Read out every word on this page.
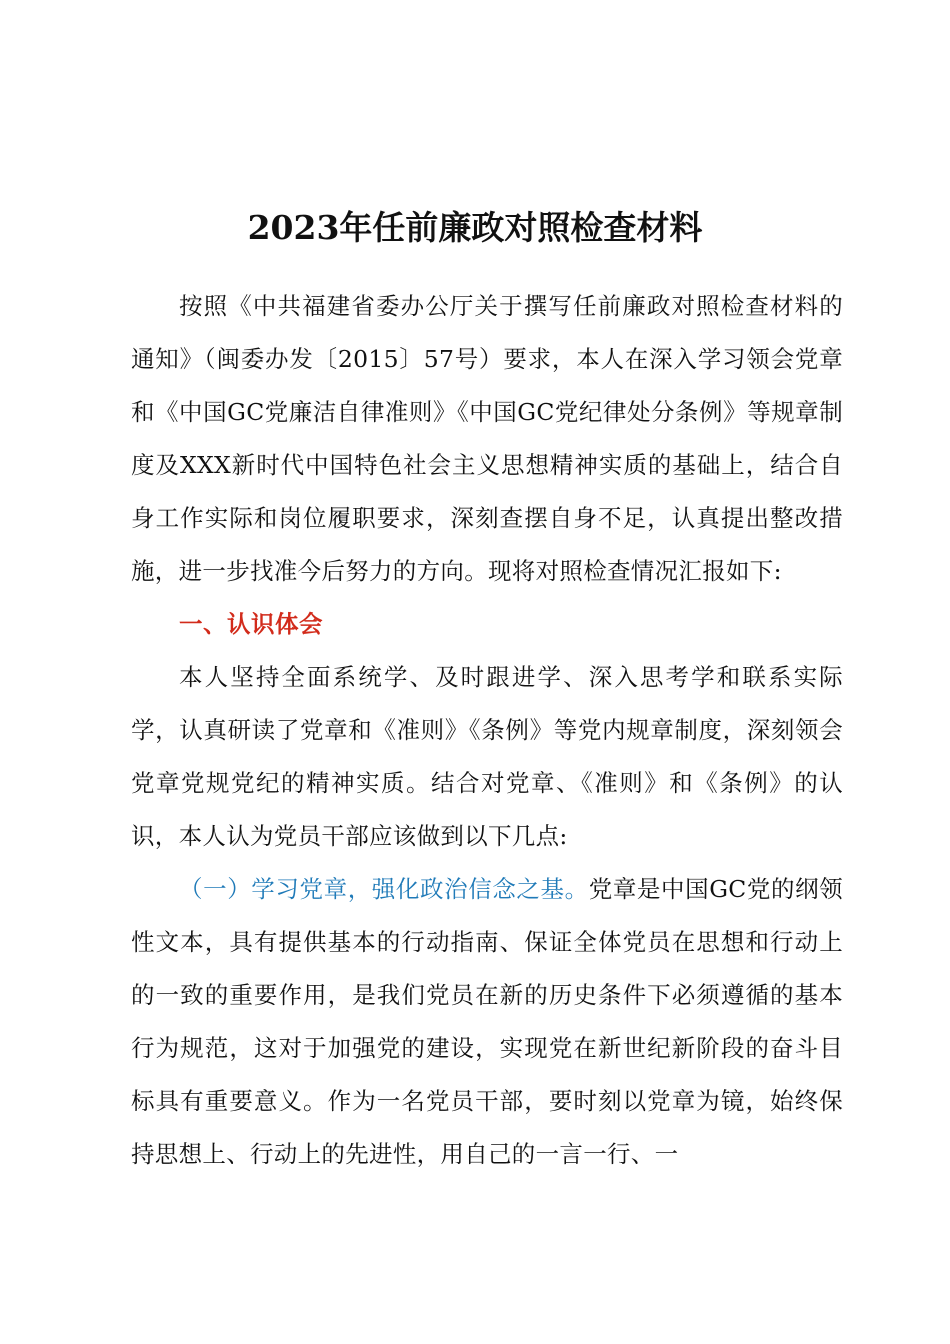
2023年任前廉政对照检查材料

按照《中共福建省委办公厅关于撰写任前廉政对照检查材料的通知》（闽委办发〔2015〕57号）要求，本人在深入学习领会党章和《中国GC党廉洁自律准则》《中国GC党纪律处分条例》等规章制度及XXX新时代中国特色社会主义思想精神实质的基础上，结合自身工作实际和岗位履职要求，深刻查摆自身不足，认真提出整改措施，进一步找准今后努力的方向。现将对照检查情况汇报如下:

一、认识体会

本人坚持全面系统学、及时跟进学、深入思考学和联系实际学，认真研读了党章和《准则》《条例》等党内规章制度，深刻领会党章党规党纪的精神实质。结合对党章、《准则》和《条例》的认识，本人认为党员干部应该做到以下几点:

（一）学习党章，强化政治信念之基。党章是中国GC党的纲领性文本，具有提供基本的行动指南、保证全体党员在思想和行动上的一致的重要作用，是我们党员在新的历史条件下必须遵循的基本行为规范，这对于加强党的建设，实现党在新世纪新阶段的奋斗目标具有重要意义。作为一名党员干部，要时刻以党章为镜，始终保持思想上、行动上的先进性，用自己的一言一行、一
